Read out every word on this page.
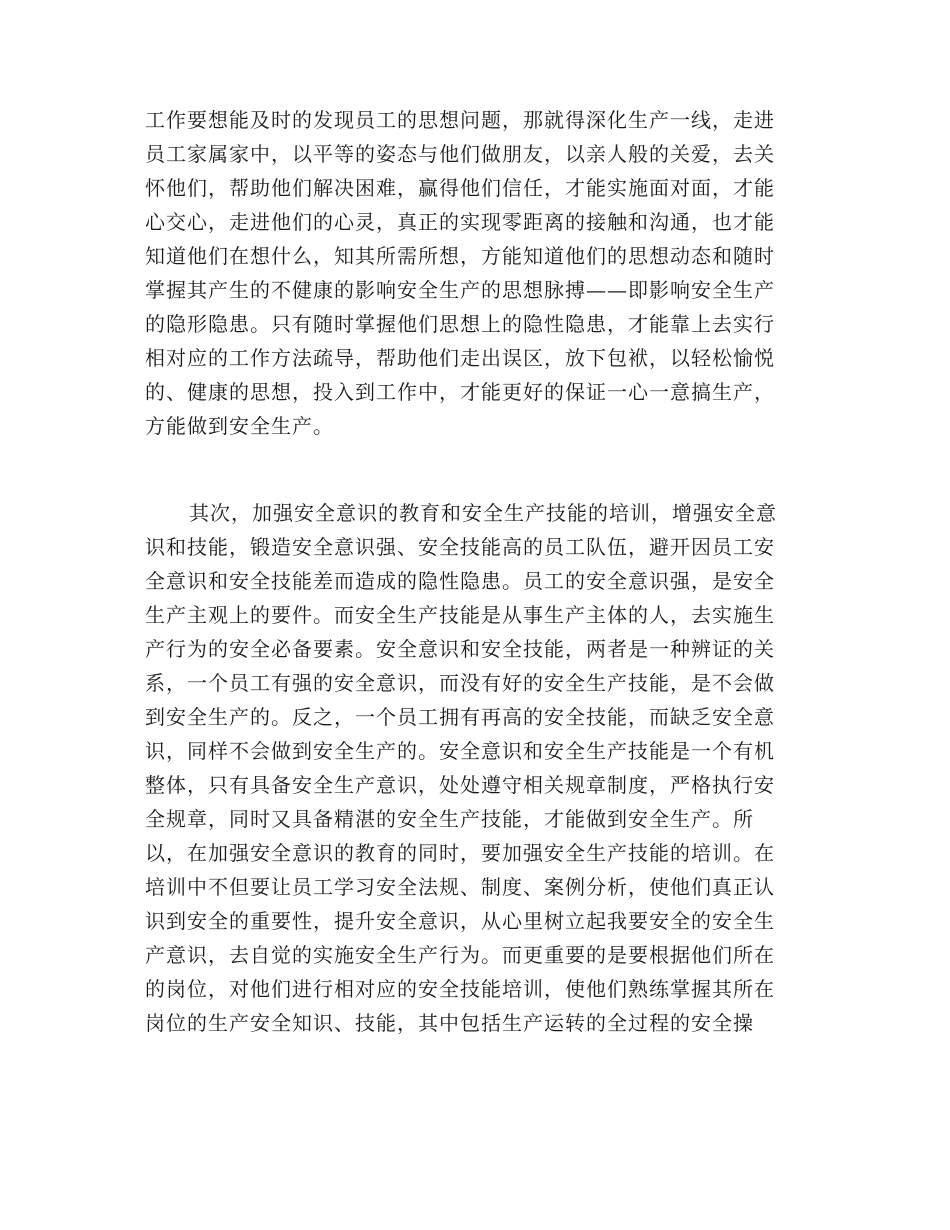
工作要想能及时的发现员工的思想问题，那就得深化生产一线，走进
员工家属家中，以平等的姿态与他们做朋友，以亲人般的关爱，去关
怀他们，帮助他们解决困难，赢得他们信任，才能实施面对面，才能
心交心，走进他们的心灵，真正的实现零距离的接触和沟通，也才能
知道他们在想什么，知其所需所想，方能知道他们的思想动态和随时
掌握其产生的不健康的影响安全生产的思想脉搏——即影响安全生产
的隐形隐患。只有随时掌握他们思想上的隐性隐患，才能靠上去实行
相对应的工作方法疏导，帮助他们走出误区，放下包袱，以轻松愉悦
的、健康的思想，投入到工作中，才能更好的保证一心一意搞生产，
方能做到安全生产。
其次，加强安全意识的教育和安全生产技能的培训，增强安全意
识和技能，锻造安全意识强、安全技能高的员工队伍，避开因员工安
全意识和安全技能差而造成的隐性隐患。员工的安全意识强，是安全
生产主观上的要件。而安全生产技能是从事生产主体的人，去实施生
产行为的安全必备要素。安全意识和安全技能，两者是一种辨证的关
系，一个员工有强的安全意识，而没有好的安全生产技能，是不会做
到安全生产的。反之，一个员工拥有再高的安全技能，而缺乏安全意
识，同样不会做到安全生产的。安全意识和安全生产技能是一个有机
整体，只有具备安全生产意识，处处遵守相关规章制度，严格执行安
全规章，同时又具备精湛的安全生产技能，才能做到安全生产。所
以，在加强安全意识的教育的同时，要加强安全生产技能的培训。在
培训中不但要让员工学习安全法规、制度、案例分析，使他们真正认
识到安全的重要性，提升安全意识，从心里树立起我要安全的安全生
产意识，去自觉的实施安全生产行为。而更重要的是要根据他们所在
的岗位，对他们进行相对应的安全技能培训，使他们熟练掌握其所在
岗位的生产安全知识、技能，其中包括生产运转的全过程的安全操
